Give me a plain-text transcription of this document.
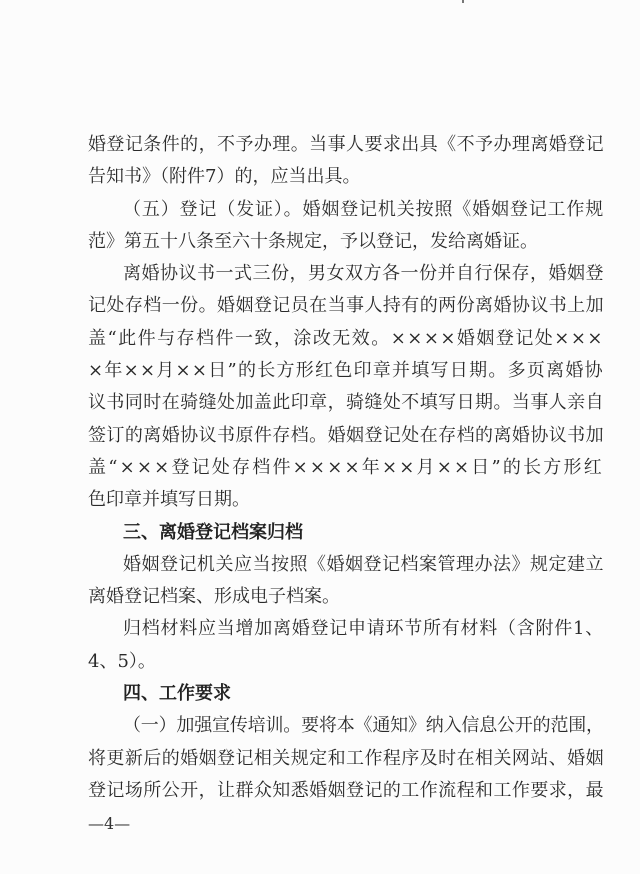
婚登记条件的，不予办理。当事人要求出具《不予办理离婚登记
告知书》（附件7）的，应当出具。
（五）登记（发证）。婚姻登记机关按照《婚姻登记工作规
范》第五十八条至六十条规定，予以登记，发给离婚证。
离婚协议书一式三份，男女双方各一份并自行保存，婚姻登
记处存档一份。婚姻登记员在当事人持有的两份离婚协议书上加
盖“此件与存档件一致，涂改无效。××××婚姻登记处×××
×年××月××日”的长方形红色印章并填写日期。多页离婚协
议书同时在骑缝处加盖此印章，骑缝处不填写日期。当事人亲自
签订的离婚协议书原件存档。婚姻登记处在存档的离婚协议书加
盖“×××登记处存档件××××年××月××日”的长方形红
色印章并填写日期。
三、离婚登记档案归档
婚姻登记机关应当按照《婚姻登记档案管理办法》规定建立
离婚登记档案、形成电子档案。
归档材料应当增加离婚登记申请环节所有材料（含附件1、
4、5）。
四、工作要求
（一）加强宣传培训。要将本《通知》纳入信息公开的范围，
将更新后的婚姻登记相关规定和工作程序及时在相关网站、婚姻
登记场所公开，让群众知悉婚姻登记的工作流程和工作要求，最
—4—
